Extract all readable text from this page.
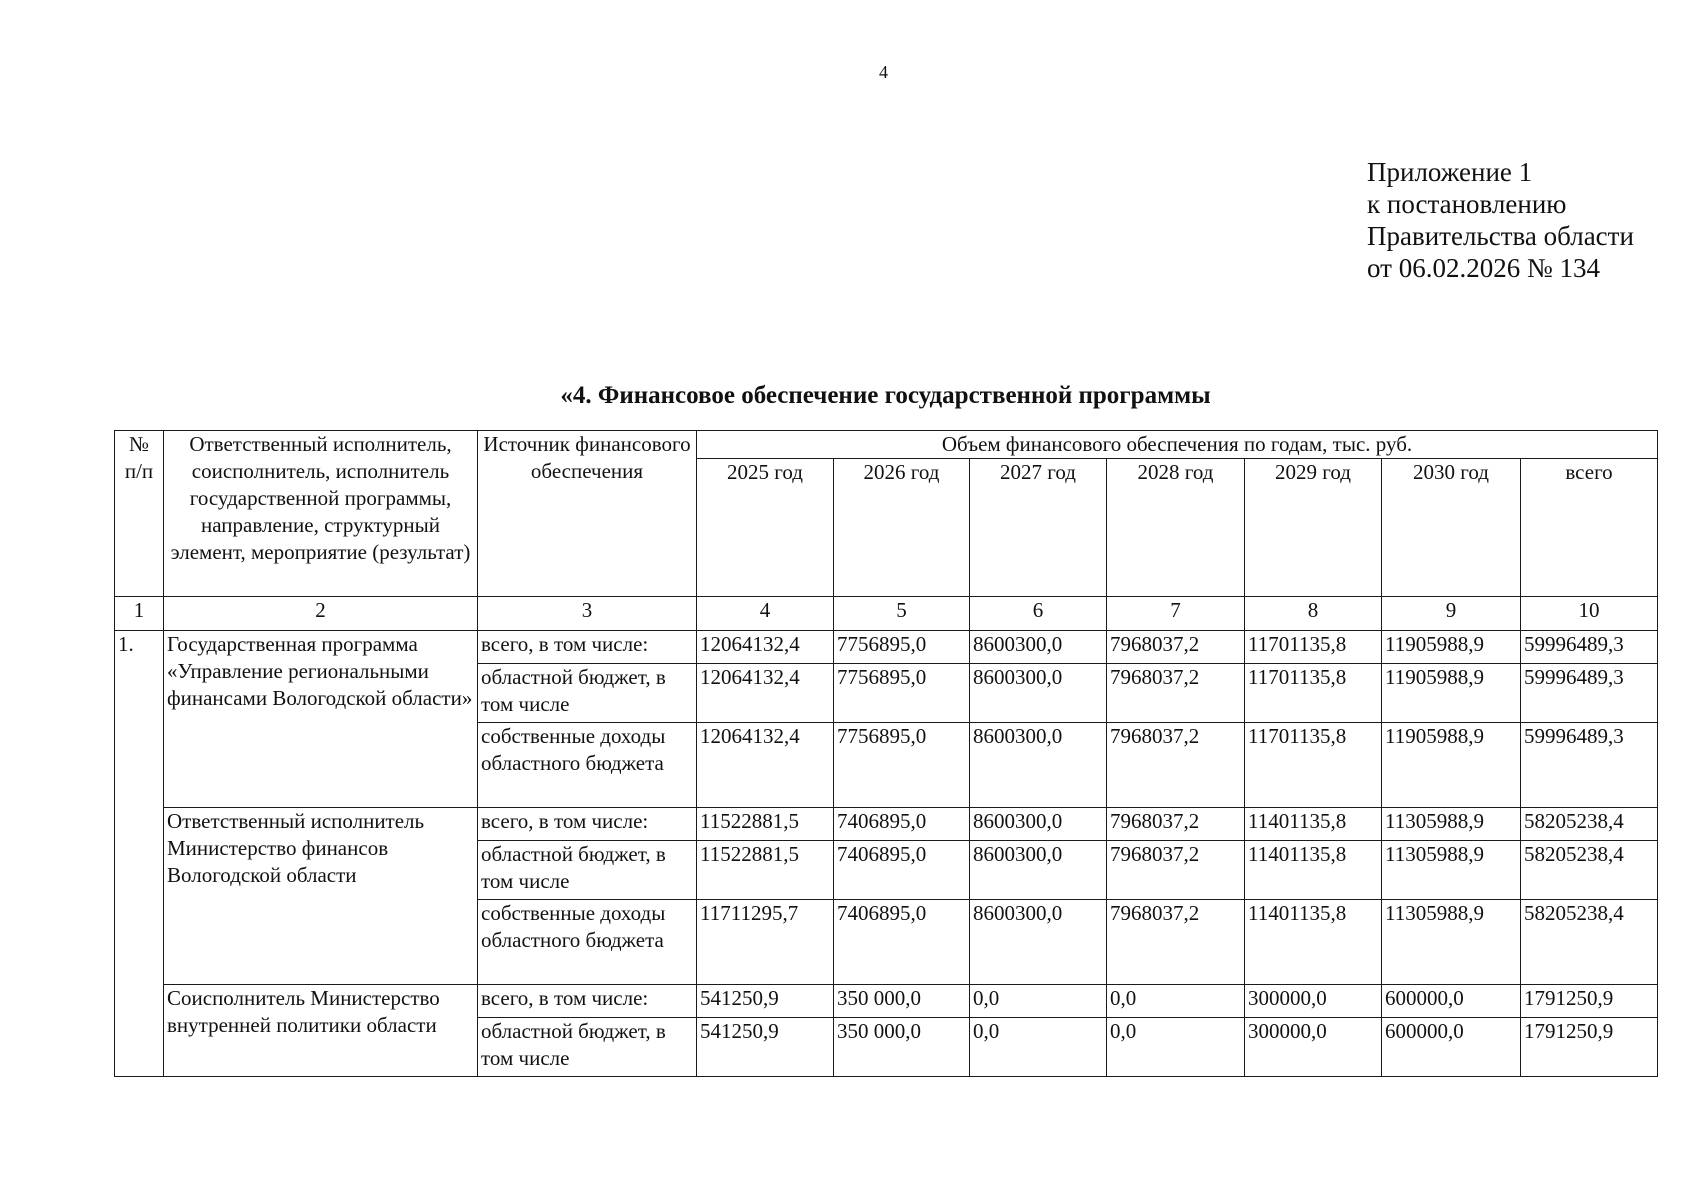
4
Приложение 1
к постановлению
Правительства области
от 06.02.2026 № 134
«4. Финансовое обеспечение государственной программы
№ п/п	Ответственный исполнитель, соисполнитель, исполнитель государственной программы, направление, структурный элемент, мероприятие (результат)	Источник финансового обеспечения	Объем финансового обеспечения по годам, тыс. руб.						
			2025 год	2026 год	2027 год	2028 год	2029 год	2030 год	всего
1	2	3	4	5	6	7	8	9	10
1.	Государственная программа «Управление региональными финансами Вологодской области»	всего, в том числе:	12064132,4	7756895,0	8600300,0	7968037,2	11701135,8	11905988,9	59996489,3
		областной бюджет, в том числе	12064132,4	7756895,0	8600300,0	7968037,2	11701135,8	11905988,9	59996489,3
		собственные доходы областного бюджета	12064132,4	7756895,0	8600300,0	7968037,2	11701135,8	11905988,9	59996489,3
	Ответственный исполнитель Министерство финансов Вологодской области	всего, в том числе:	11522881,5	7406895,0	8600300,0	7968037,2	11401135,8	11305988,9	58205238,4
		областной бюджет, в том числе	11522881,5	7406895,0	8600300,0	7968037,2	11401135,8	11305988,9	58205238,4
		собственные доходы областного бюджета	11711295,7	7406895,0	8600300,0	7968037,2	11401135,8	11305988,9	58205238,4
	Соисполнитель Министерство внутренней политики области	всего, в том числе:	541250,9	350 000,0	0,0	0,0	300000,0	600000,0	1791250,9
		областной бюджет, в том числе	541250,9	350 000,0	0,0	0,0	300000,0	600000,0	1791250,9
